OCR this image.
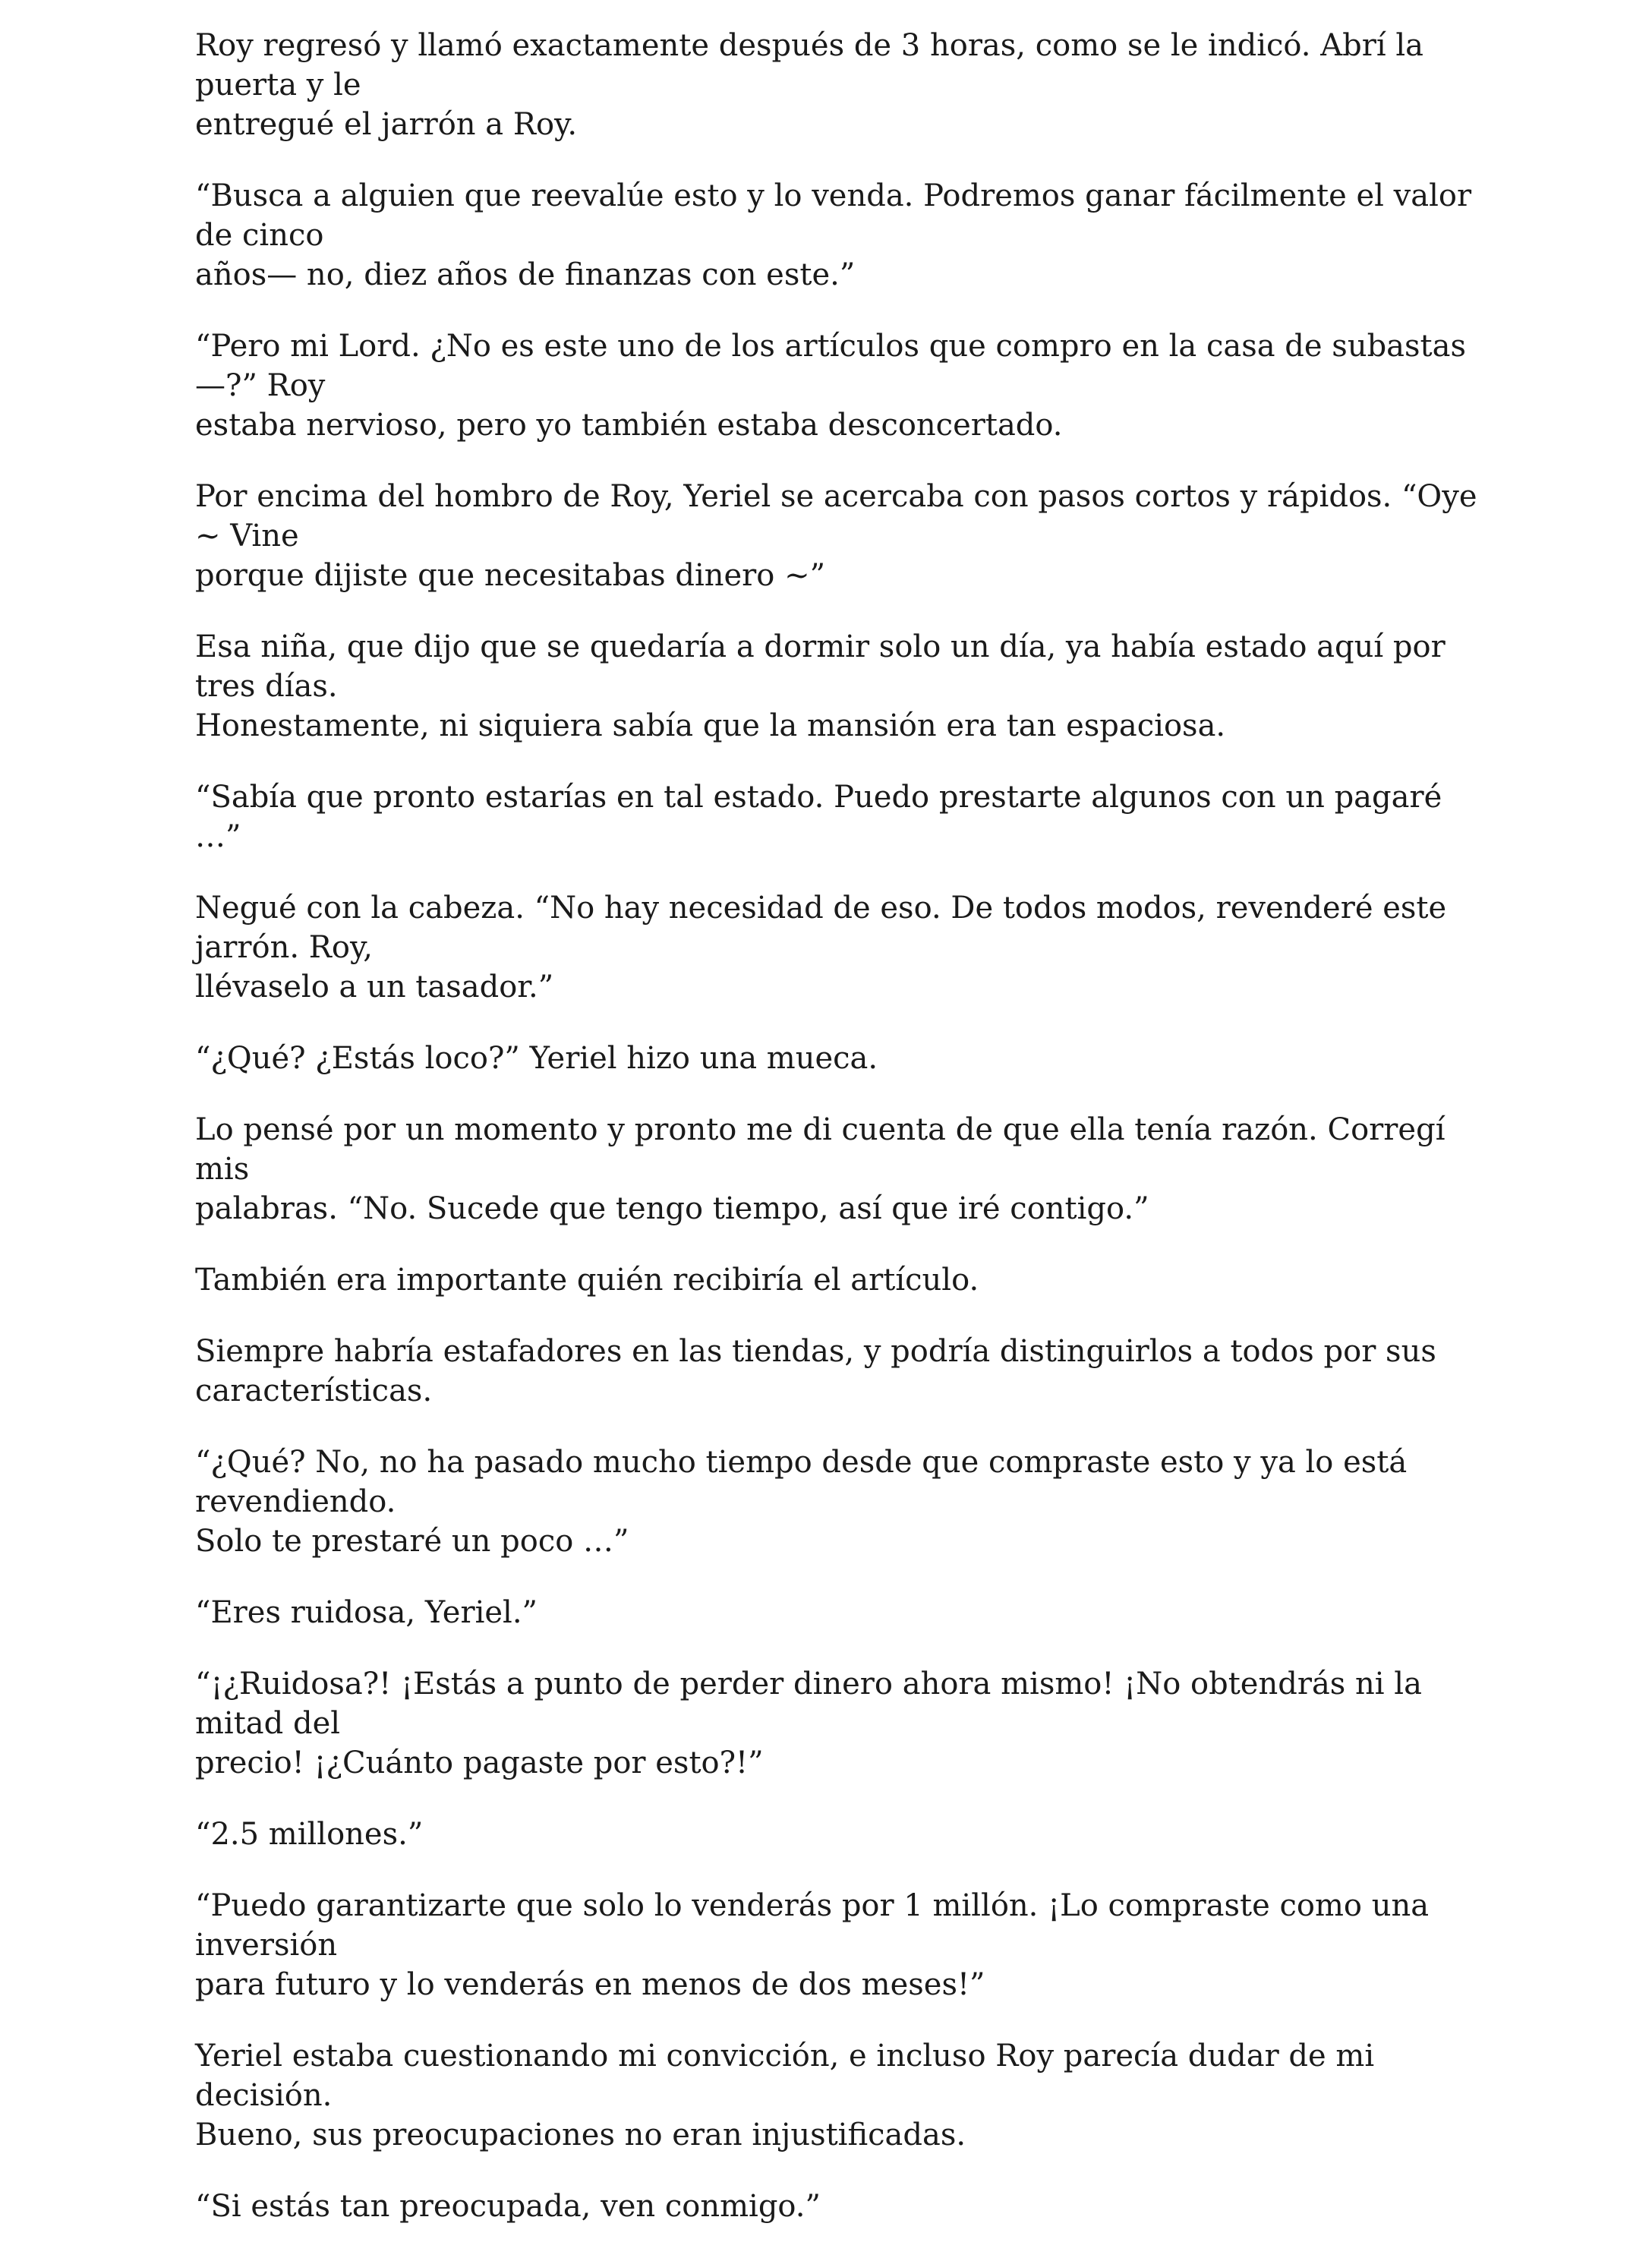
Roy regresó y llamó exactamente después de 3 horas, como se le indicó. Abrí la puerta y le
entregué el jarrón a Roy.

“Busca a alguien que reevalúe esto y lo venda. Podremos ganar fácilmente el valor de cinco
años— no, diez años de finanzas con este.”

“Pero mi Lord. ¿No es este uno de los artículos que compro en la casa de subastas—?” Roy
estaba nervioso, pero yo también estaba desconcertado.

Por encima del hombro de Roy, Yeriel se acercaba con pasos cortos y rápidos. “Oye ~ Vine
porque dijiste que necesitabas dinero ~”

Esa niña, que dijo que se quedaría a dormir solo un día, ya había estado aquí por tres días.
Honestamente, ni siquiera sabía que la mansión era tan espaciosa.

“Sabía que pronto estarías en tal estado. Puedo prestarte algunos con un pagaré …”

Negué con la cabeza. “No hay necesidad de eso. De todos modos, revenderé este jarrón. Roy,
llévaselo a un tasador.”

“¿Qué? ¿Estás loco?” Yeriel hizo una mueca.

Lo pensé por un momento y pronto me di cuenta de que ella tenía razón. Corregí mis
palabras. “No. Sucede que tengo tiempo, así que iré contigo.”

También era importante quién recibiría el artículo.

Siempre habría estafadores en las tiendas, y podría distinguirlos a todos por sus
características.

“¿Qué? No, no ha pasado mucho tiempo desde que compraste esto y ya lo está revendiendo.
Solo te prestaré un poco …”

“Eres ruidosa, Yeriel.”

“¡¿Ruidosa?! ¡Estás a punto de perder dinero ahora mismo! ¡No obtendrás ni la mitad del
precio! ¡¿Cuánto pagaste por esto?!”

“2.5 millones.”

“Puedo garantizarte que solo lo venderás por 1 millón. ¡Lo compraste como una inversión
para futuro y lo venderás en menos de dos meses!”

Yeriel estaba cuestionando mi convicción, e incluso Roy parecía dudar de mi decisión.
Bueno, sus preocupaciones no eran injustificadas.

“Si estás tan preocupada, ven conmigo.”
